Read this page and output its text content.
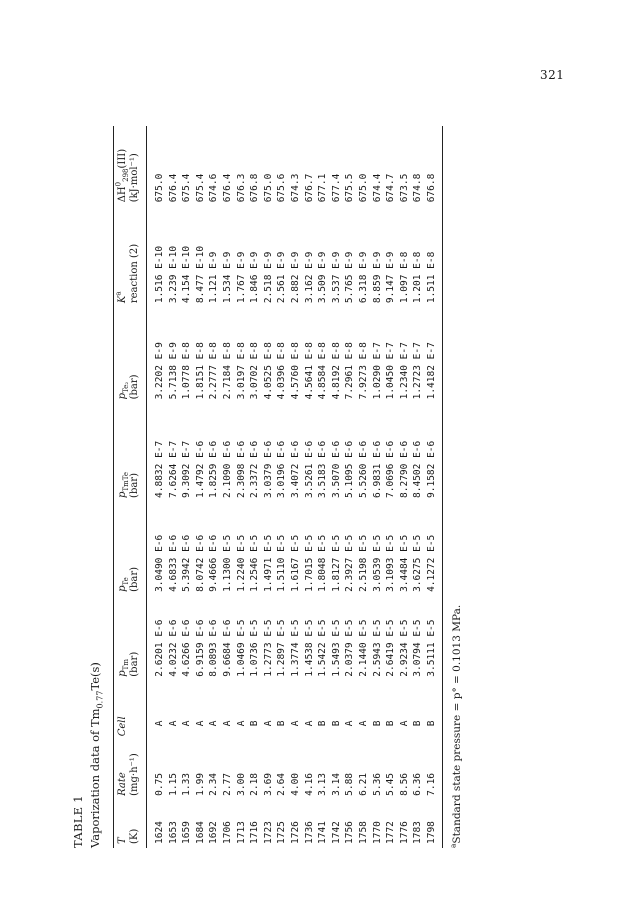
321
TABLE 1 Vaporization data of $Tm_{0.77}Te(s)$
T	Rate	Cell	$p_{Tm}$	$p_{Te}$	$p_{TmTe}$	$p_{Te_2}$	$K^a$	$\Delta H^0_{298}(III)$
(K)	(mg·h⁻¹)		(bar)	(bar)	(bar)	(bar)	reaction (2)	(kJ·mol⁻¹)
1624	0.75	A	2.6201 E-6	3.0490 E-6	4.8832 E-7	3.2202 E-9	1.516 E-10	675.0
1653	1.15	A	4.0232 E-6	4.6833 E-6	7.6264 E-7	5.7138 E-9	3.239 E-10	676.4
1659	1.33	A	4.6266 E-6	5.3942 E-6	9.3092 E-7	1.0778 E-8	4.154 E-10	675.4
1684	1.99	A	6.9159 E-6	8.0742 E-6	1.4792 E-6	1.8151 E-8	8.477 E-10	675.4
1692	2.34	A	8.0893 E-6	9.4666 E-6	1.8259 E-6	2.2777 E-8	1.121 E-9	674.6
1706	2.77	A	9.6684 E-6	1.1300 E-5	2.1090 E-6	2.7184 E-8	1.534 E-9	676.4
1713	3.00	A	1.0469 E-5	1.2240 E-5	2.3098 E-6	3.0197 E-8	1.767 E-9	676.3
1716	2.18	B	1.0736 E-5	1.2546 E-5	2.3372 E-6	3.0702 E-8	1.846 E-9	676.8
1723	3.69	A	1.2773 E-5	1.4971 E-5	3.0379 E-6	4.0525 E-8	2.518 E-9	675.0
1725	2.64	B	1.2897 E-5	1.5110 E-5	3.0196 E-6	4.0396 E-8	2.561 E-9	675.6
1726	4.00	A	1.3774 E-5	1.6167 E-5	3.4072 E-6	4.5760 E-8	2.882 E-9	674.3
1736	4.16	A	1.4538 E-5	1.7015 E-5	3.5261 E-6	4.5641 E-8	3.162 E-9	676.7
1741	3.13	B	1.5422 E-5	1.8048 E-5	3.5183 E-6	4.8584 E-8	3.509 E-9	677.1
1742	3.14	B	1.5493 E-5	1.8127 E-5	3.5070 E-6	4.8192 E-8	3.537 E-9	677.4
1756	5.88	A	2.0379 E-5	2.3927 E-5	5.1095 E-6	7.2961 E-8	5.765 E-9	675.5
1758	6.21	A	2.1440 E-5	2.5198 E-5	5.5260 E-6	7.9273 E-8	6.318 E-9	675.0
1770	5.36	B	2.5943 E-5	3.0539 E-5	6.9831 E-6	1.0290 E-7	8.859 E-9	674.4
1772	5.45	B	2.6419 E-5	3.1093 E-5	7.0696 E-6	1.0450 E-7	9.147 E-9	674.7
1776	8.56	A	2.9234 E-5	3.4484 E-5	8.2790 E-6	1.2340 E-7	1.097 E-8	673.5
1783	6.36	B	3.0794 E-5	3.6275 E-5	8.4502 E-6	1.2723 E-7	1.201 E-8	674.8
1798	7.16	B	3.5111 E-5	4.1272 E-5	9.1582 E-6	1.4182 E-7	1.511 E-8	676.8
$^a$Standard state pressure = p° = 0.1013 MPa.
